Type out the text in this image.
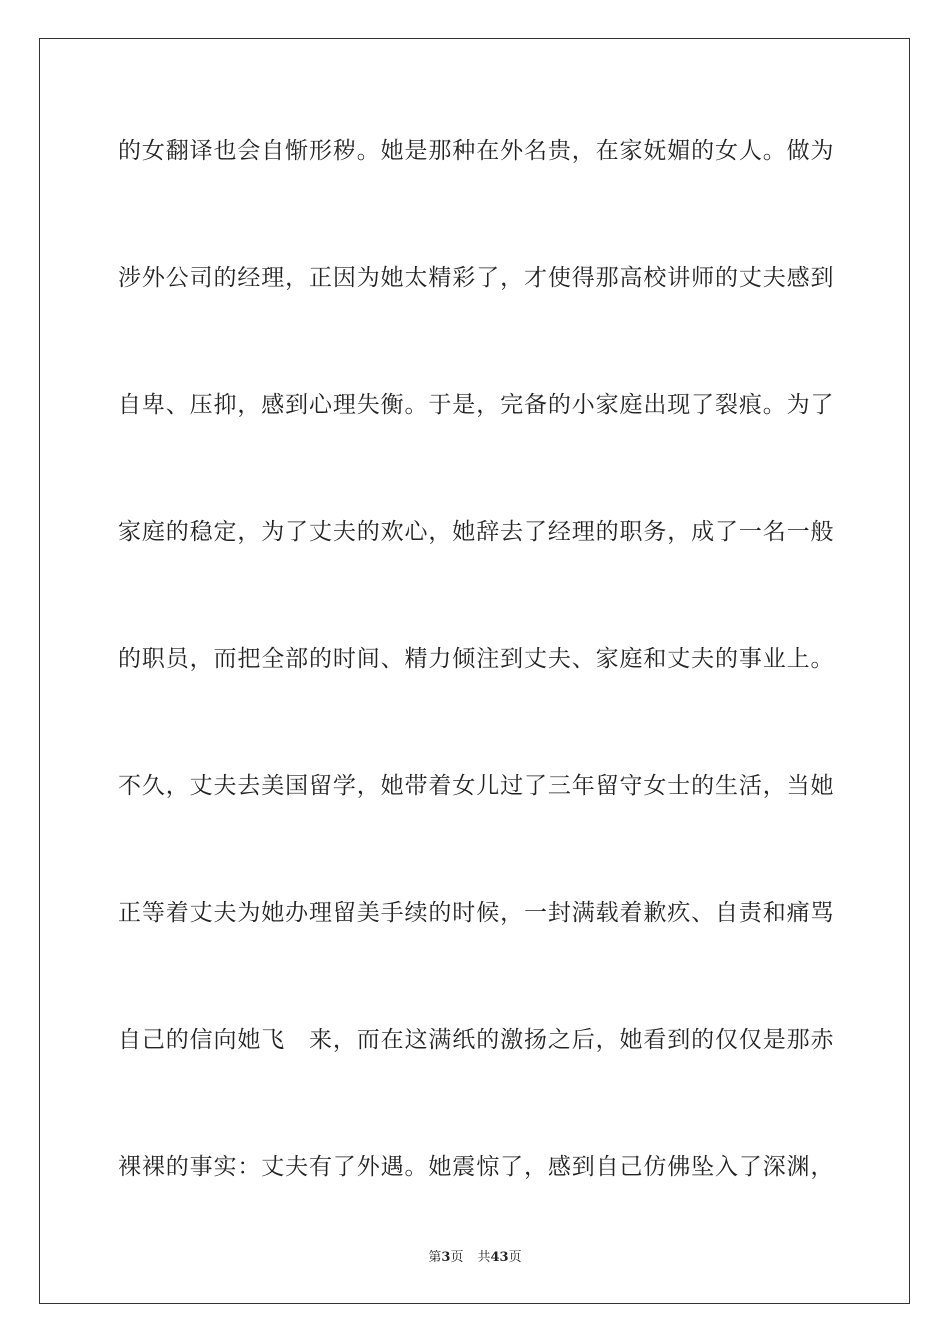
的女翻译也会自惭形秽。她是那种在外名贵，在家妩媚的女人。做为
涉外公司的经理，正因为她太精彩了，才使得那高校讲师的丈夫感到
自卑、压抑，感到心理失衡。于是，完备的小家庭出现了裂痕。为了
家庭的稳定，为了丈夫的欢心，她辞去了经理的职务，成了一名一般
的职员，而把全部的时间、精力倾注到丈夫、家庭和丈夫的事业上。
不久，丈夫去美国留学，她带着女儿过了三年留守女士的生活，当她
正等着丈夫为她办理留美手续的时候，一封满载着歉疚、自责和痛骂
自己的信向她飞　来，而在这满纸的激扬之后，她看到的仅仅是那赤
裸裸的事实：丈夫有了外遇。她震惊了，感到自己仿佛坠入了深渊，
第3页 共43页
